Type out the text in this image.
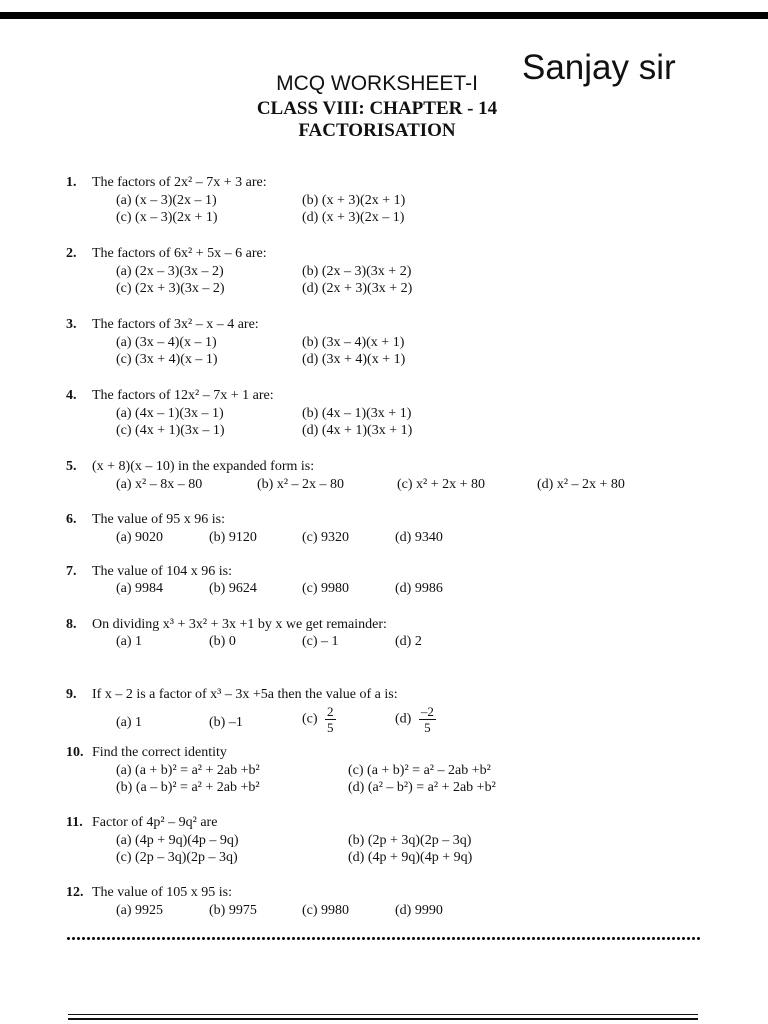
Sanjay sir
MCQ WORKSHEET-I
CLASS VIII: CHAPTER - 14
FACTORISATION
1. The factors of 2x² – 7x + 3 are:
(a) (x – 3)(2x – 1)	(b) (x + 3)(2x + 1)
(c) (x – 3)(2x + 1)	(d) (x + 3)(2x – 1)
2. The factors of 6x² + 5x – 6 are:
(a) (2x – 3)(3x – 2)	(b) (2x – 3)(3x + 2)
(c) (2x + 3)(3x – 2)	(d) (2x + 3)(3x + 2)
3. The factors of 3x² – x – 4 are:
(a) (3x – 4)(x – 1)	(b) (3x – 4)(x + 1)
(c) (3x + 4)(x – 1)	(d) (3x + 4)(x + 1)
4. The factors of 12x² – 7x + 1 are:
(a) (4x – 1)(3x – 1)	(b) (4x – 1)(3x + 1)
(c) (4x + 1)(3x – 1)	(d) (4x + 1)(3x + 1)
5. (x + 8)(x – 10) in the expanded form is:
(a) x² – 8x – 80	(b) x² – 2x – 80	(c) x² + 2x + 80	(d) x² – 2x + 80
6. The value of 95 x 96 is:
(a) 9020	(b) 9120	(c) 9320	(d) 9340
7. The value of 104 x 96 is:
(a) 9984	(b) 9624	(c) 9980	(d) 9986
8. On dividing x³ + 3x² + 3x +1 by x we get remainder:
(a) 1	(b) 0	(c) – 1	(d) 2
9. If x – 2 is a factor of x³ – 3x +5a then the value of a is:
(a) 1	(b) –1	$(c) \frac{2}{5}$	$(d) \frac{-2}{5}$
10. Find the correct identity
(a) (a + b)² = a² + 2ab +b²	(c) (a + b)² = a² – 2ab +b²
(b) (a – b)² = a² + 2ab +b²	(d) (a² – b²) = a² + 2ab +b²
11. Factor of 4p² – 9q² are
(a) (4p + 9q)(4p – 9q)	(b) (2p + 3q)(2p – 3q)
(c) (2p – 3q)(2p – 3q)	(d) (4p + 9q)(4p + 9q)
12. The value of 105 x 95 is:
(a) 9925	(b) 9975	(c) 9980	(d) 9990
